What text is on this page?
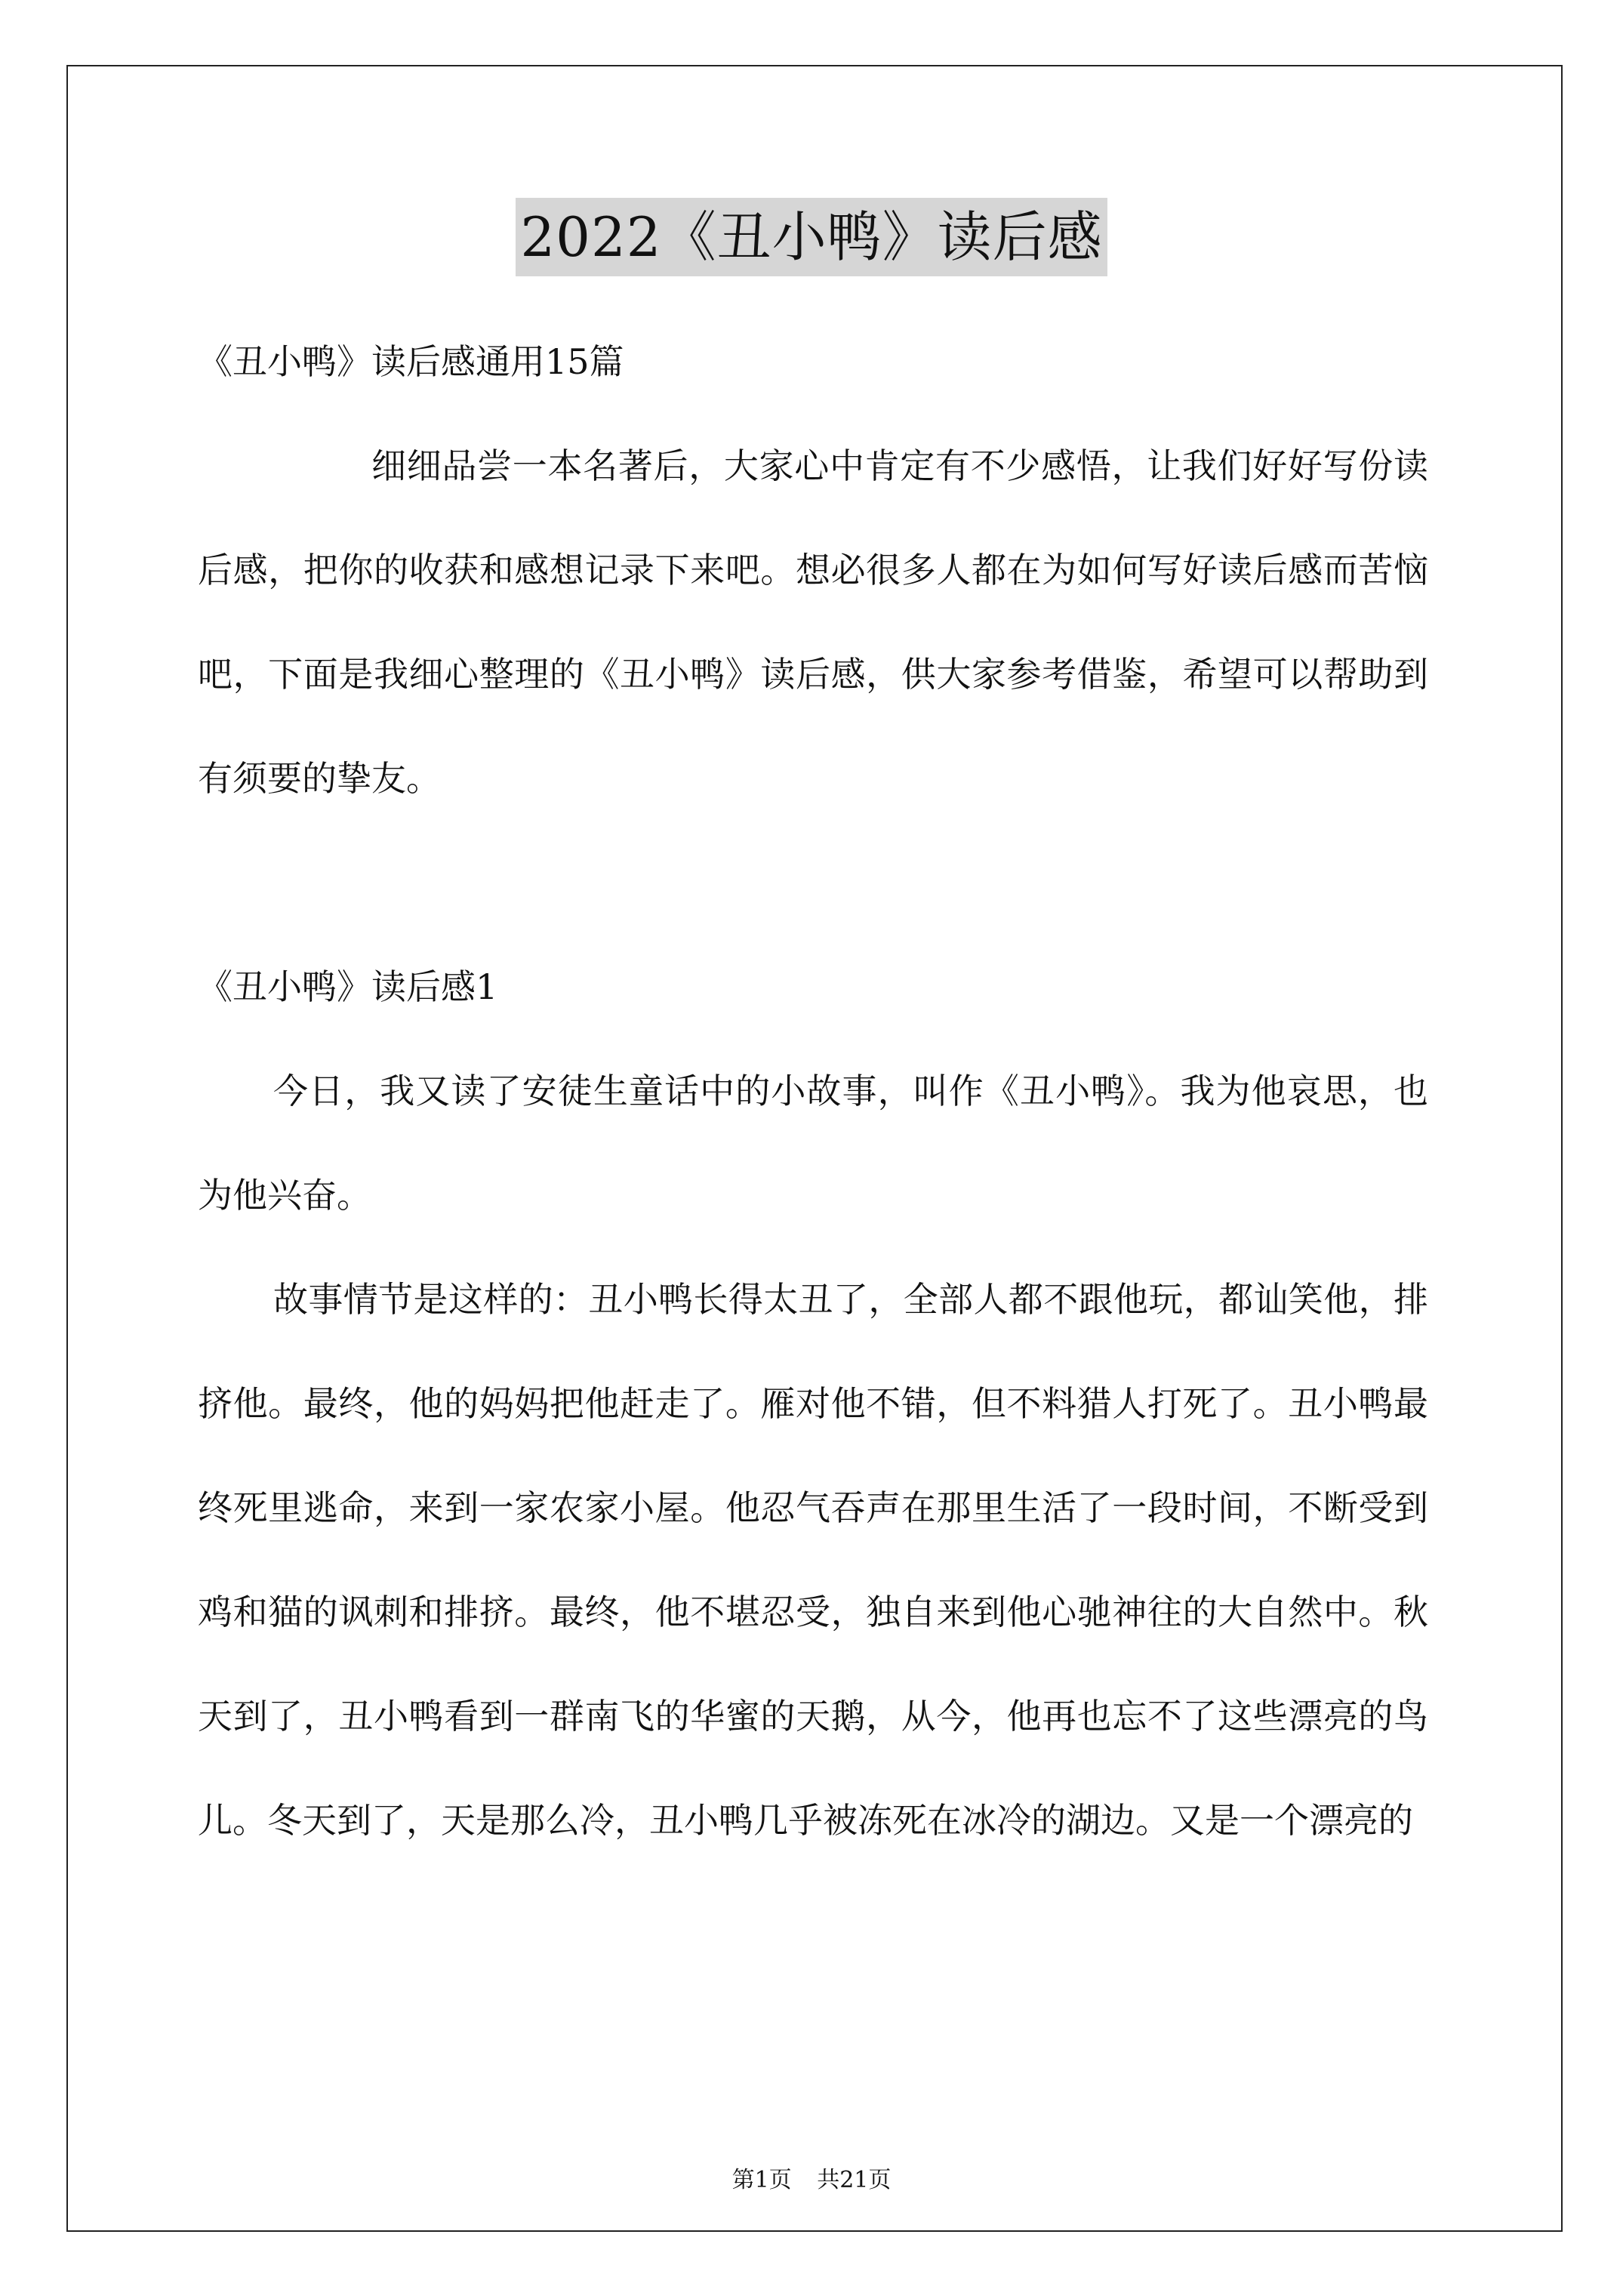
2022《丑小鸭》读后感

《丑小鸭》读后感通用15篇

细细品尝一本名著后，大家心中肯定有不少感悟，让我们好好写份读后感，把你的收获和感想记录下来吧。想必很多人都在为如何写好读后感而苦恼吧，下面是我细心整理的《丑小鸭》读后感，供大家参考借鉴，希望可以帮助到有须要的挚友。

《丑小鸭》读后感1

今日，我又读了安徒生童话中的小故事，叫作《丑小鸭》。我为他哀思，也为他兴奋。

故事情节是这样的：丑小鸭长得太丑了，全部人都不跟他玩，都讪笑他，排挤他。最终，他的妈妈把他赶走了。雁对他不错，但不料猎人打死了。丑小鸭最终死里逃命，来到一家农家小屋。他忍气吞声在那里生活了一段时间，不断受到鸡和猫的讽刺和排挤。最终，他不堪忍受，独自来到他心驰神往的大自然中。秋天到了，丑小鸭看到一群南飞的华蜜的天鹅，从今，他再也忘不了这些漂亮的鸟儿。冬天到了，天是那么冷，丑小鸭几乎被冻死在冰冷的湖边。又是一个漂亮的

第1页 共21页
